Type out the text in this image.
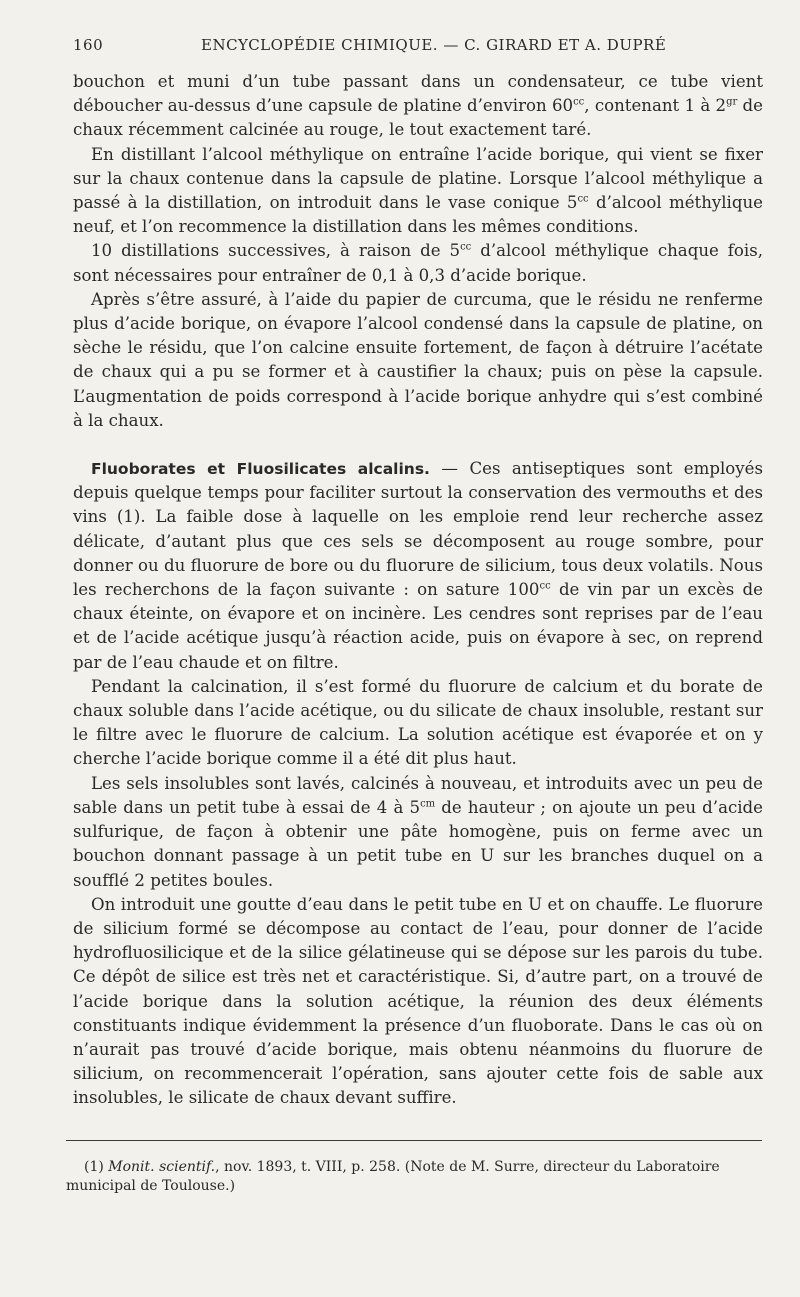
160	ENCYCLOPÉDIE CHIMIQUE. — C. GIRARD ET A. DUPRÉ

bouchon et muni d’un tube passant dans un condensateur, ce tube vient déboucher au-dessus d’une capsule de platine d’environ $60^{cc}$, contenant 1 à $2^{gr}$ de chaux récemment calcinée au rouge, le tout exactement taré.

En distillant l’alcool méthylique on entraîne l’acide borique, qui vient se fixer sur la chaux contenue dans la capsule de platine. Lorsque l’alcool méthylique a passé à la distillation, on introduit dans le vase conique $5^{cc}$ d’alcool méthylique neuf, et l’on recommence la distillation dans les mêmes conditions.

10 distillations successives, à raison de $5^{cc}$ d’alcool méthylique chaque fois, sont nécessaires pour entraîner de 0,1 à 0,3 d’acide borique.

Après s’être assuré, à l’aide du papier de curcuma, que le résidu ne renferme plus d’acide borique, on évapore l’alcool condensé dans la capsule de platine, on sèche le résidu, que l’on calcine ensuite fortement, de façon à détruire l’acétate de chaux qui a pu se former et à caustifier la chaux; puis on pèse la capsule. L’augmentation de poids correspond à l’acide borique anhydre qui s’est combiné à la chaux.

Fluoborates et Fluosilicates alcalins. — Ces antiseptiques sont employés depuis quelque temps pour faciliter surtout la conservation des vermouths et des vins (1). La faible dose à laquelle on les emploie rend leur recherche assez délicate, d’autant plus que ces sels se décomposent au rouge sombre, pour donner ou du fluorure de bore ou du fluorure de silicium, tous deux volatils. Nous les recherchons de la façon suivante : on sature $100^{cc}$ de vin par un excès de chaux éteinte, on évapore et on incinère. Les cendres sont reprises par de l’eau et de l’acide acétique jusqu’à réaction acide, puis on évapore à sec, on reprend par de l’eau chaude et on filtre.

Pendant la calcination, il s’est formé du fluorure de calcium et du borate de chaux soluble dans l’acide acétique, ou du silicate de chaux insoluble, restant sur le filtre avec le fluorure de calcium. La solution acétique est évaporée et on y cherche l’acide borique comme il a été dit plus haut.

Les sels insolubles sont lavés, calcinés à nouveau, et introduits avec un peu de sable dans un petit tube à essai de 4 à $5^{cm}$ de hauteur ; on ajoute un peu d’acide sulfurique, de façon à obtenir une pâte homogène, puis on ferme avec un bouchon donnant passage à un petit tube en U sur les branches duquel on a soufflé 2 petites boules.

On introduit une goutte d’eau dans le petit tube en U et on chauffe. Le fluorure de silicium formé se décompose au contact de l’eau, pour donner de l’acide hydrofluosilicique et de la silice gélatineuse qui se dépose sur les parois du tube. Ce dépôt de silice est très net et caractéristique. Si, d’autre part, on a trouvé de l’acide borique dans la solution acétique, la réunion des deux éléments constituants indique évidemment la présence d’un fluoborate. Dans le cas où on n’aurait pas trouvé d’acide borique, mais obtenu néanmoins du fluorure de silicium, on recommencerait l’opération, sans ajouter cette fois de sable aux insolubles, le silicate de chaux devant suffire.

(1) Monit. scientif., nov. 1893, t. VIII, p. 258. (Note de M. Surre, directeur du Laboratoire municipal de Toulouse.)
